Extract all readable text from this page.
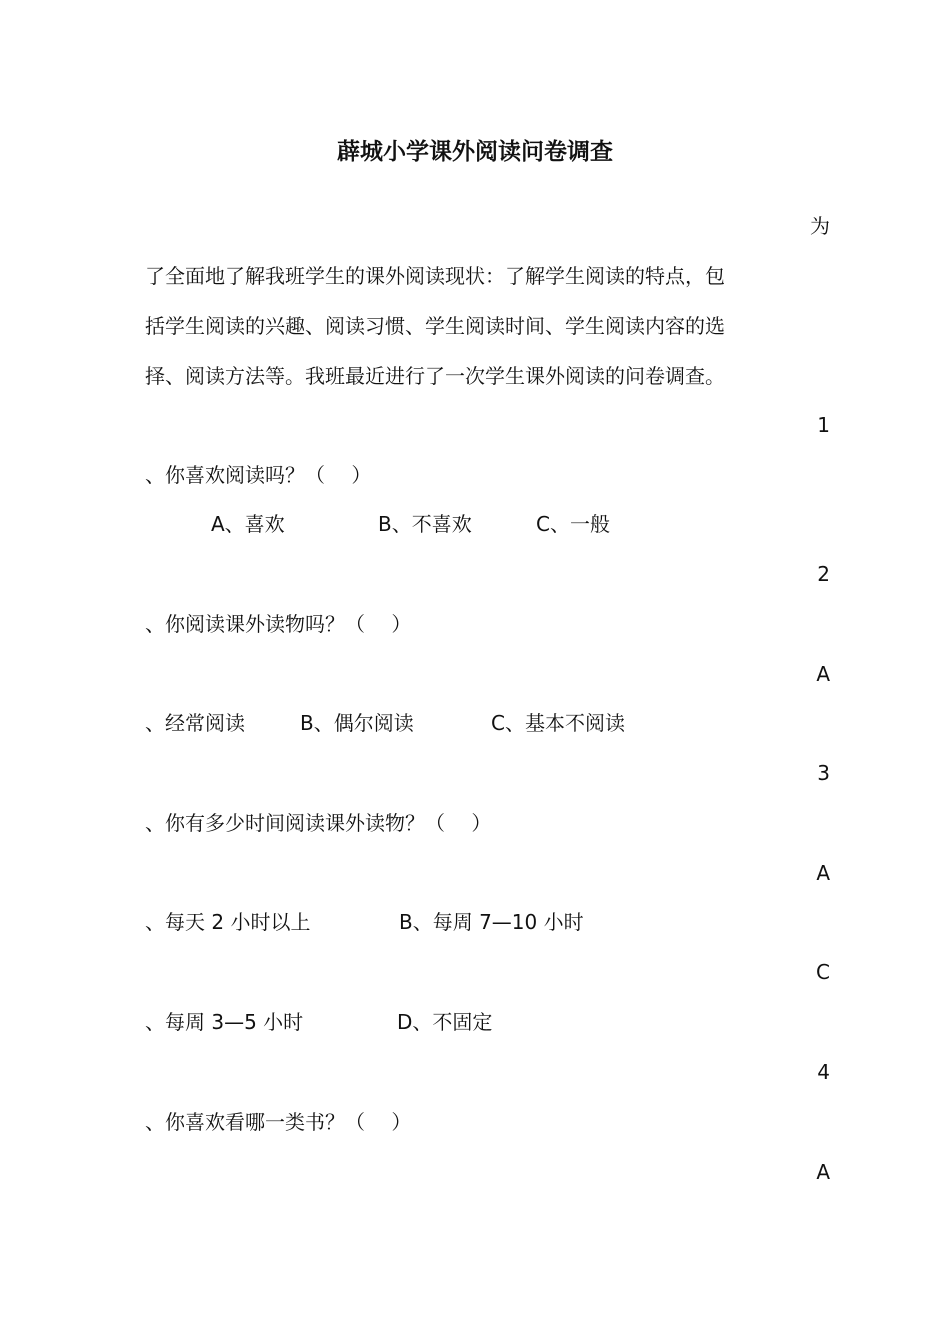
薜城小学课外阅读问卷调查
为
了全面地了解我班学生的课外阅读现状：了解学生阅读的特点，包
括学生阅读的兴趣、阅读习惯、学生阅读时间、学生阅读内容的选
择、阅读方法等。我班最近进行了一次学生课外阅读的问卷调查。
1
、你喜欢阅读吗？（　 ）
A、喜欢	B、不喜欢	C、一般
2
、你阅读课外读物吗？（　 ）
A
、经常阅读	B、偶尔阅读	C、基本不阅读
3
、你有多少时间阅读课外读物？（　 ）
A
、每天 2 小时以上	B、每周 7—10 小时
C
、每周 3—5 小时	D、不固定
4
、你喜欢看哪一类书？（　 ）
A
